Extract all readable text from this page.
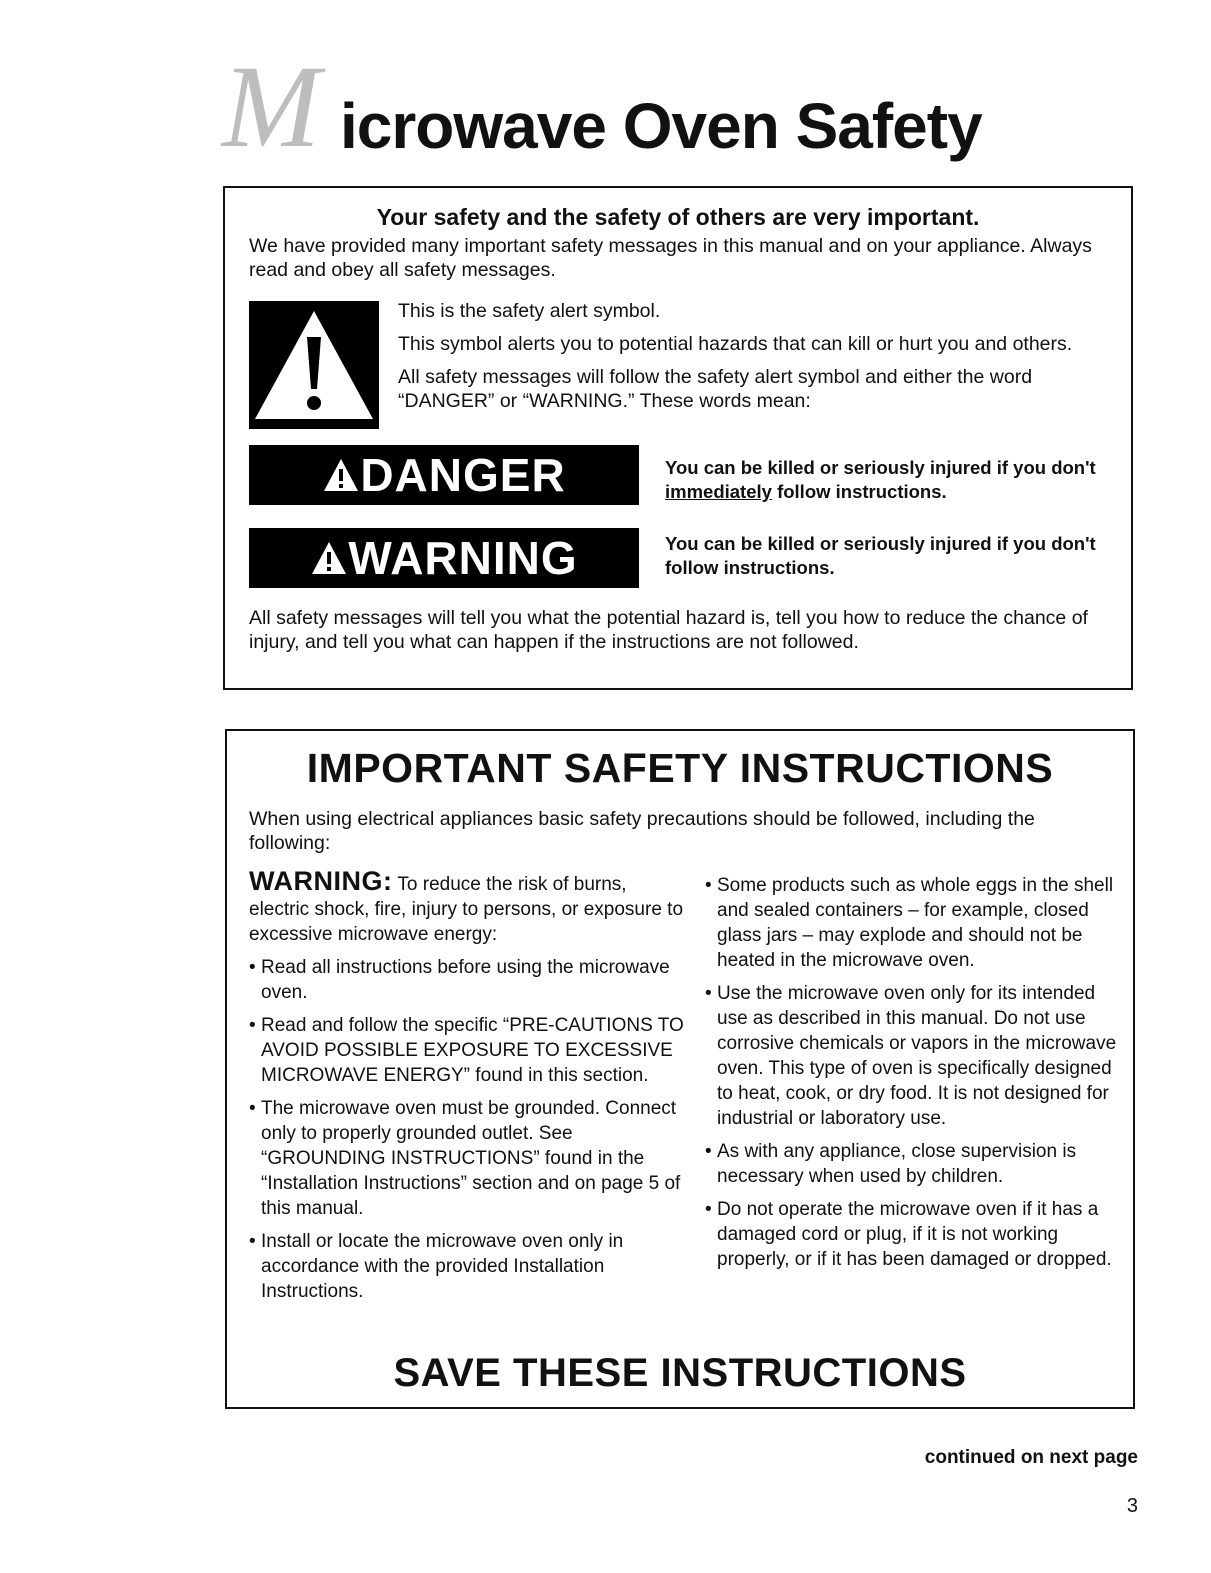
M icrowave Oven Safety
Your safety and the safety of others are very important.
We have provided many important safety messages in this manual and on your appliance. Always read and obey all safety messages.
This is the safety alert symbol.
This symbol alerts you to potential hazards that can kill or hurt you and others.
All safety messages will follow the safety alert symbol and either the word “DANGER” or “WARNING.” These words mean:
DANGER	You can be killed or seriously injured if you don't immediately follow instructions.
WARNING	You can be killed or seriously injured if you don't follow instructions.
All safety messages will tell you what the potential hazard is, tell you how to reduce the chance of injury, and tell you what can happen if the instructions are not followed.
IMPORTANT SAFETY INSTRUCTIONS
When using electrical appliances basic safety precautions should be followed, including the following:
WARNING: To reduce the risk of burns, electric shock, fire, injury to persons, or exposure to excessive microwave energy:
• Read all instructions before using the microwave oven.
• Read and follow the specific “PRE-CAUTIONS TO AVOID POSSIBLE EXPOSURE TO EXCESSIVE MICROWAVE ENERGY” found in this section.
• The microwave oven must be grounded. Connect only to properly grounded outlet. See “GROUNDING INSTRUCTIONS” found in the “Installation Instructions” section and on page 5 of this manual.
• Install or locate the microwave oven only in accordance with the provided Installation Instructions.
• Some products such as whole eggs in the shell and sealed containers – for example, closed glass jars – may explode and should not be heated in the microwave oven.
• Use the microwave oven only for its intended use as described in this manual. Do not use corrosive chemicals or vapors in the microwave oven. This type of oven is specifically designed to heat, cook, or dry food. It is not designed for industrial or laboratory use.
• As with any appliance, close supervision is necessary when used by children.
• Do not operate the microwave oven if it has a damaged cord or plug, if it is not working properly, or if it has been damaged or dropped.
SAVE THESE INSTRUCTIONS
continued on next page
3
